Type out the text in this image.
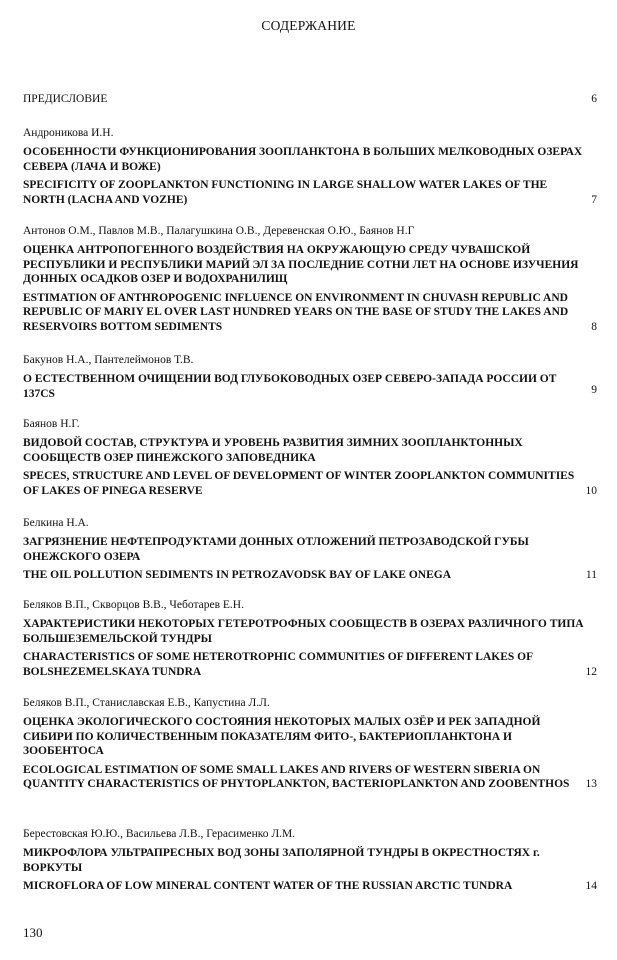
СОДЕРЖАНИЕ
ПРЕДИСЛОВИЕ	6
Андроникова И.Н.
ОСОБЕННОСТИ ФУНКЦИОНИРОВАНИЯ ЗООПЛАНКТОНА В БОЛЬШИХ МЕЛКОВОДНЫХ ОЗЕРАХ СЕВЕРА (ЛАЧА И ВОЖЕ)
SPECIFICITY OF ZOOPLANKTON FUNCTIONING IN LARGE SHALLOW WATER LAKES OF THE NORTH (LACHA AND VOZHE)	7
Антонов О.М., Павлов М.В., Палагушкина О.В., Деревенская О.Ю., Баянов Н.Г
ОЦЕНКА АНТРОПОГЕННОГО ВОЗДЕЙСТВИЯ НА ОКРУЖАЮЩУЮ СРЕДУ ЧУВАШСКОЙ РЕСПУБЛИКИ И РЕСПУБЛИКИ МАРИЙ ЭЛ ЗА ПОСЛЕДНИЕ СОТНИ ЛЕТ НА ОСНОВЕ ИЗУЧЕНИЯ ДОННЫХ ОСАДКОВ ОЗЕР И ВОДОХРАНИЛИЩ
ESTIMATION OF ANTHROPOGENIC INFLUENCE ON ENVIRONMENT IN CHUVASH REPUBLIC AND REPUBLIC OF MARIY EL OVER LAST HUNDRED YEARS ON THE BASE OF STUDY THE LAKES AND RESERVOIRS BOTTOM SEDIMENTS	8
Бакунов Н.А., Пантелеймонов Т.В.
О ЕСТЕСТВЕННОМ ОЧИЩЕНИИ ВОД ГЛУБОКОВОДНЫХ ОЗЕР СЕВЕРО-ЗАПАДА РОССИИ ОТ 137CS	9
Баянов Н.Г.
ВИДОВОЙ СОСТАВ, СТРУКТУРА И УРОВЕНЬ РАЗВИТИЯ ЗИМНИХ ЗООПЛАНКТОННЫХ СООБЩЕСТВ ОЗЕР ПИНЕЖСКОГО ЗАПОВЕДНИКА
SPECES, STRUCTURE AND LEVEL OF DEVELOPMENT OF WINTER ZOOPLANKTON COMMUNITIES OF LAKES OF PINEGA RESERVE	10
Белкина Н.А.
ЗАГРЯЗНЕНИЕ НЕФТЕПРОДУКТАМИ ДОННЫХ ОТЛОЖЕНИЙ ПЕТРОЗАВОДСКОЙ ГУБЫ ОНЕЖСКОГО ОЗЕРА
THE OIL POLLUTION SEDIMENTS IN PETROZAVODSK BAY OF LAKE ONEGA	11
Беляков В.П., Скворцов В.В., Чеботарев Е.Н.
ХАРАКТЕРИСТИКИ НЕКОТОРЫХ ГЕТЕРОТРОФНЫХ СООБЩЕСТВ В ОЗЕРАХ РАЗЛИЧНОГО ТИПА БОЛЬШЕЗЕМЕЛЬСКОЙ ТУНДРЫ
CHARACTERISTICS OF SOME HETEROTROPHIC COMMUNITIES OF DIFFERENT LAKES OF BOLSHEZEMELSKAYA TUNDRA	12
Беляков В.П., Станиславская Е.В., Капустина Л.Л.
ОЦЕНКА ЭКОЛОГИЧЕСКОГО СОСТОЯНИЯ НЕКОТОРЫХ МАЛЫХ ОЗЁР И РЕК ЗАПАДНОЙ СИБИРИ ПО КОЛИЧЕСТВЕННЫМ ПОКАЗАТЕЛЯМ ФИТО-, БАКТЕРИОПЛАНКТОНА И ЗООБЕНТОСА
ECOLOGICAL ESTIMATION OF SOME SMALL LAKES AND RIVERS OF WESTERN SIBERIA ON QUANTITY CHARACTERISTICS OF PHYTOPLANKTON, BACTERIOPLANKTON AND ZOOBENTHOS	13
Берестовская Ю.Ю., Васильева Л.В., Герасименко Л.М.
МИКРОФЛОРА УЛЬТРАПРЕСНЫХ ВОД ЗОНЫ ЗАПОЛЯРНОЙ ТУНДРЫ В ОКРЕСТНОСТЯХ г. ВОРКУТЫ
MICROFLORA OF LOW MINERAL CONTENT WATER OF THE RUSSIAN ARCTIC TUNDRA	14
130
